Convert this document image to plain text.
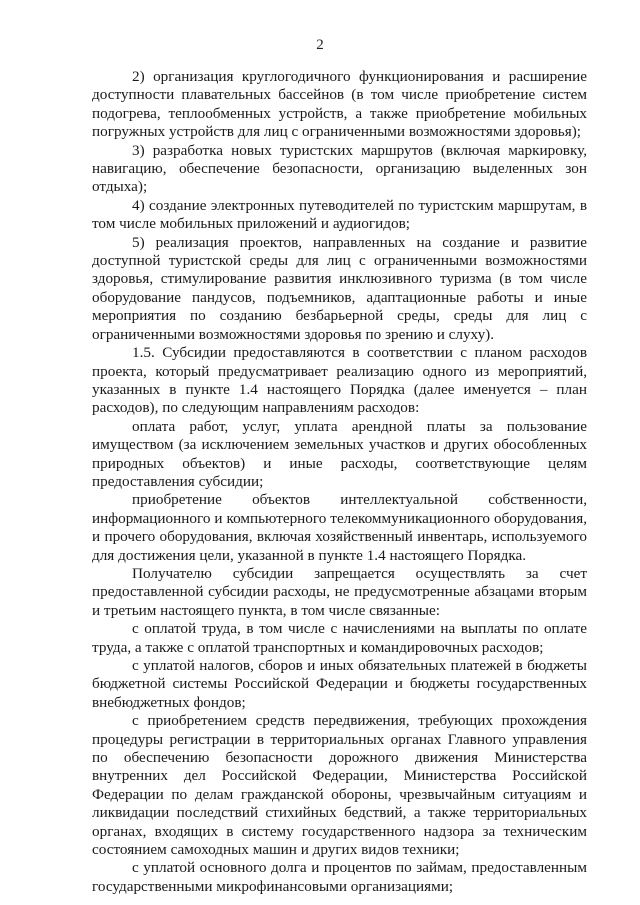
2

2) организация круглогодичного функционирования и расширение доступности плавательных бассейнов (в том числе приобретение систем подогрева, теплообменных устройств, а также приобретение мобильных погружных устройств для лиц с ограниченными возможностями здоровья);

3) разработка новых туристских маршрутов (включая маркировку, навигацию, обеспечение безопасности, организацию выделенных зон отдыха);

4) создание электронных путеводителей по туристским маршрутам, в том числе мобильных приложений и аудиогидов;

5) реализация проектов, направленных на создание и развитие доступной туристской среды для лиц с ограниченными возможностями здоровья, стимулирование развития инклюзивного туризма (в том числе оборудование пандусов, подъемников, адаптационные работы и иные мероприятия по созданию безбарьерной среды, среды для лиц с ограниченными возможностями здоровья по зрению и слуху).

1.5. Субсидии предоставляются в соответствии с планом расходов проекта, который предусматривает реализацию одного из мероприятий, указанных в пункте 1.4 настоящего Порядка (далее именуется – план расходов), по следующим направлениям расходов:

оплата работ, услуг, уплата арендной платы за пользование имуществом (за исключением земельных участков и других обособленных природных объектов) и иные расходы, соответствующие целям предоставления субсидии;

приобретение объектов интеллектуальной собственности, информационного и компьютерного телекоммуникационного оборудования, и прочего оборудования, включая хозяйственный инвентарь, используемого для достижения цели, указанной в пункте 1.4 настоящего Порядка.

Получателю субсидии запрещается осуществлять за счет предоставленной субсидии расходы, не предусмотренные абзацами вторым и третьим настоящего пункта, в том числе связанные:

с оплатой труда, в том числе с начислениями на выплаты по оплате труда, а также с оплатой транспортных и командировочных расходов;

с уплатой налогов, сборов и иных обязательных платежей в бюджеты бюджетной системы Российской Федерации и бюджеты государственных внебюджетных фондов;

с приобретением средств передвижения, требующих прохождения процедуры регистрации в территориальных органах Главного управления по обеспечению безопасности дорожного движения Министерства внутренних дел Российской Федерации, Министерства Российской Федерации по делам гражданской обороны, чрезвычайным ситуациям и ликвидации последствий стихийных бедствий, а также территориальных органах, входящих в систему государственного надзора за техническим состоянием самоходных машин и других видов техники;

с уплатой основного долга и процентов по займам, предоставленным государственными микрофинансовыми организациями;
